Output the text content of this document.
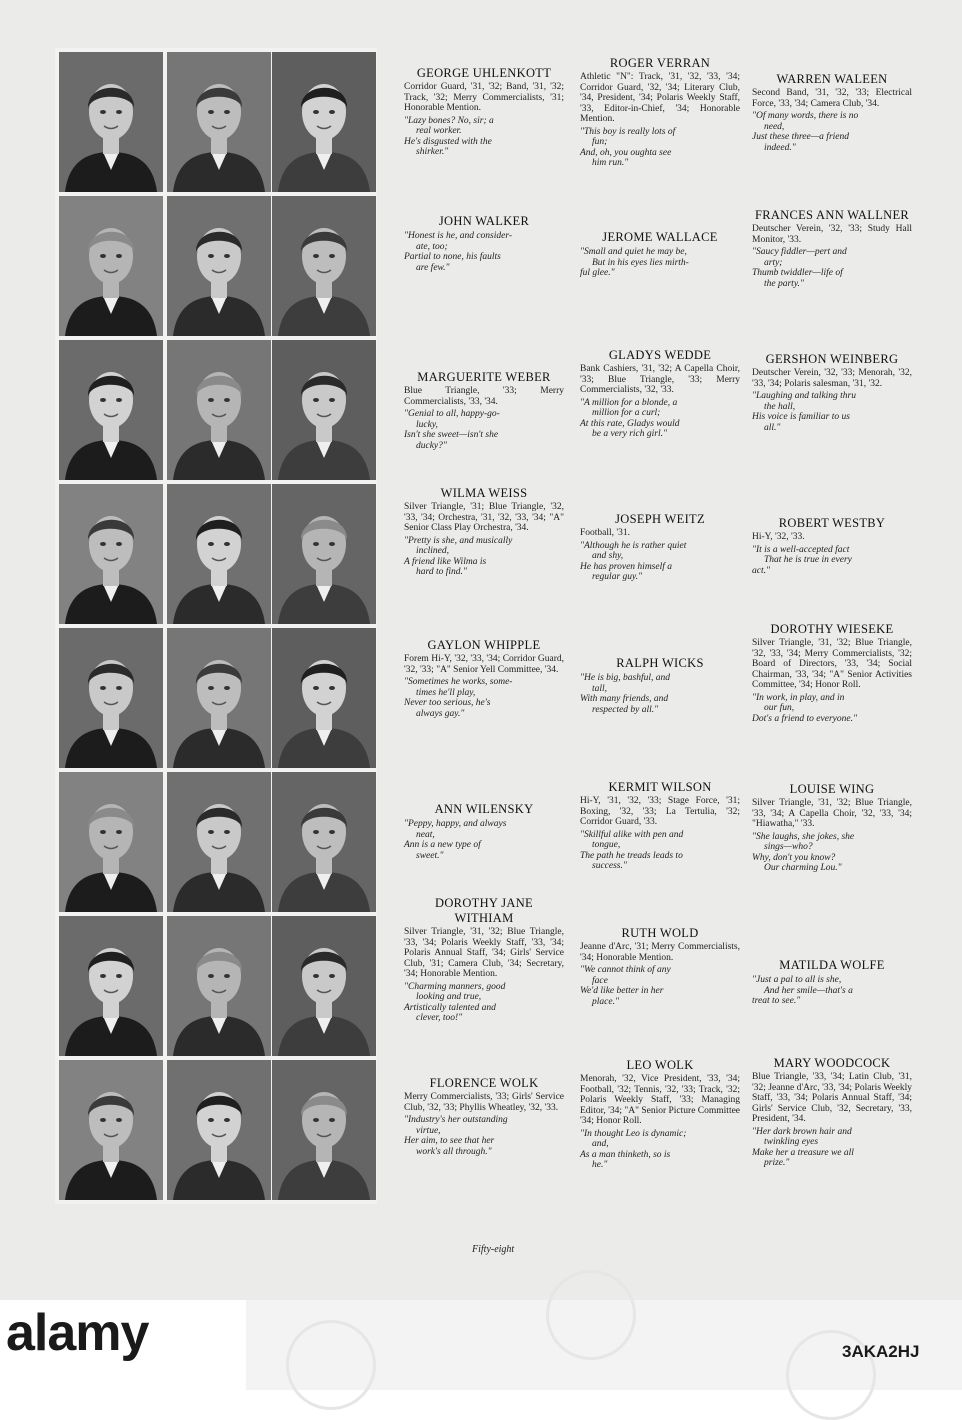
GEORGE UHLENKOTT
Corridor Guard, '31, '32; Band, '31, '32; Track, '32; Merry Commercialists, '31; Honorable Mention.
"Lazy bones? No, sir; a
real worker.
He's disgusted with the
shirker."
JOHN WALKER
"Honest is he, and consider-
ate, too;
Partial to none, his faults
are few."
MARGUERITE WEBER
Blue Triangle, '33; Merry Commercialists, '33, '34.
"Genial to all, happy-go-
lucky,
Isn't she sweet—isn't she
ducky?"
WILMA WEISS
Silver Triangle, '31; Blue Triangle, '32, '33, '34; Orchestra, '31, '32, '33, '34; "A" Senior Class Play Orchestra, '34.
"Pretty is she, and musically
inclined,
A friend like Wilma is
hard to find."
GAYLON WHIPPLE
Forem Hi-Y, '32, '33, '34; Corridor Guard, '32, '33; "A" Senior Yell Committee, '34.
"Sometimes he works, some-
times he'll play,
Never too serious, he's
always gay."
ANN WILENSKY
"Peppy, happy, and always
neat,
Ann is a new type of
sweet."
DOROTHY JANE WITHIAM
Silver Triangle, '31, '32; Blue Triangle, '33, '34; Polaris Weekly Staff, '33, '34; Polaris Annual Staff, '34; Girls' Service Club, '31; Camera Club, '34; Secretary, '34; Honorable Mention.
"Charming manners, good
looking and true,
Artistically talented and
clever, too!"
FLORENCE WOLK
Merry Commercialists, '33; Girls' Service Club, '32, '33; Phyllis Wheatley, '32, '33.
"Industry's her outstanding
virtue,
Her aim, to see that her
work's all through."
ROGER VERRAN
Athletic "N": Track, '31, '32, '33, '34; Corridor Guard, '32, '34; Literary Club, '34, President, '34; Polaris Weekly Staff, '33, Editor-in-Chief, '34; Honorable Mention.
"This boy is really lots of
fun;
And, oh, you oughta see
him run."
JEROME WALLACE
"Small and quiet he may be,
But in his eyes lies mirth-
ful glee."
GLADYS WEDDE
Bank Cashiers, '31, '32; A Capella Choir, '33; Blue Triangle, '33; Merry Commercialists, '32, '33.
"A million for a blonde, a
million for a curl;
At this rate, Gladys would
be a very rich girl."
JOSEPH WEITZ
Football, '31.
"Although he is rather quiet
and shy,
He has proven himself a
regular guy."
RALPH WICKS
"He is big, bashful, and
tall,
With many friends, and
respected by all."
KERMIT WILSON
Hi-Y, '31, '32, '33; Stage Force, '31; Boxing, '32, '33; La Tertulia, '32; Corridor Guard, '33.
"Skillful alike with pen and
tongue,
The path he treads leads to
success."
RUTH WOLD
Jeanne d'Arc, '31; Merry Commercialists, '34; Honorable Mention.
"We cannot think of any
face
We'd like better in her
place."
LEO WOLK
Menorah, '32, Vice President, '33, '34; Football, '32; Tennis, '32, '33; Track, '32; Polaris Weekly Staff, '33; Managing Editor, '34; "A" Senior Picture Committee '34; Honor Roll.
"In thought Leo is dynamic;
and,
As a man thinketh, so is
he."
WARREN WALEEN
Second Band, '31, '32, '33; Electrical Force, '33, '34; Camera Club, '34.
"Of many words, there is no
need,
Just these three—a friend
indeed."
FRANCES ANN WALLNER
Deutscher Verein, '32, '33; Study Hall Monitor, '33.
"Saucy fiddler—pert and
arty;
Thumb twiddler—life of
the party."
GERSHON WEINBERG
Deutscher Verein, '32, '33; Menorah, '32, '33, '34; Polaris salesman, '31, '32.
"Laughing and talking thru
the hall,
His voice is familiar to us
all."
ROBERT WESTBY
Hi-Y, '32, '33.
"It is a well-accepted fact
That he is true in every
act."
DOROTHY WIESEKE
Silver Triangle, '31, '32; Blue Triangle, '32, '33, '34; Merry Commercialists, '32; Board of Directors, '33, '34; Social Chairman, '33, '34; "A" Senior Activities Committee, '34; Honor Roll.
"In work, in play, and in
our fun,
Dot's a friend to everyone."
LOUISE WING
Silver Triangle, '31, '32; Blue Triangle, '33, '34; A Capella Choir, '32, '33, '34; "Hiawatha," '33.
"She laughs, she jokes, she
sings—who?
Why, don't you know?
Our charming Lou."
MATILDA WOLFE
"Just a pal to all is she,
And her smile—that's a
treat to see."
MARY WOODCOCK
Blue Triangle, '33, '34; Latin Club, '31, '32; Jeanne d'Arc, '33, '34; Polaris Weekly Staff, '33, '34; Polaris Annual Staff, '34; Girls' Service Club, '32, Secretary, '33, President, '34.
"Her dark brown hair and
twinkling eyes
Make her a treasure we all
prize."
Fifty-eight
alamy	3AKA2HJ
